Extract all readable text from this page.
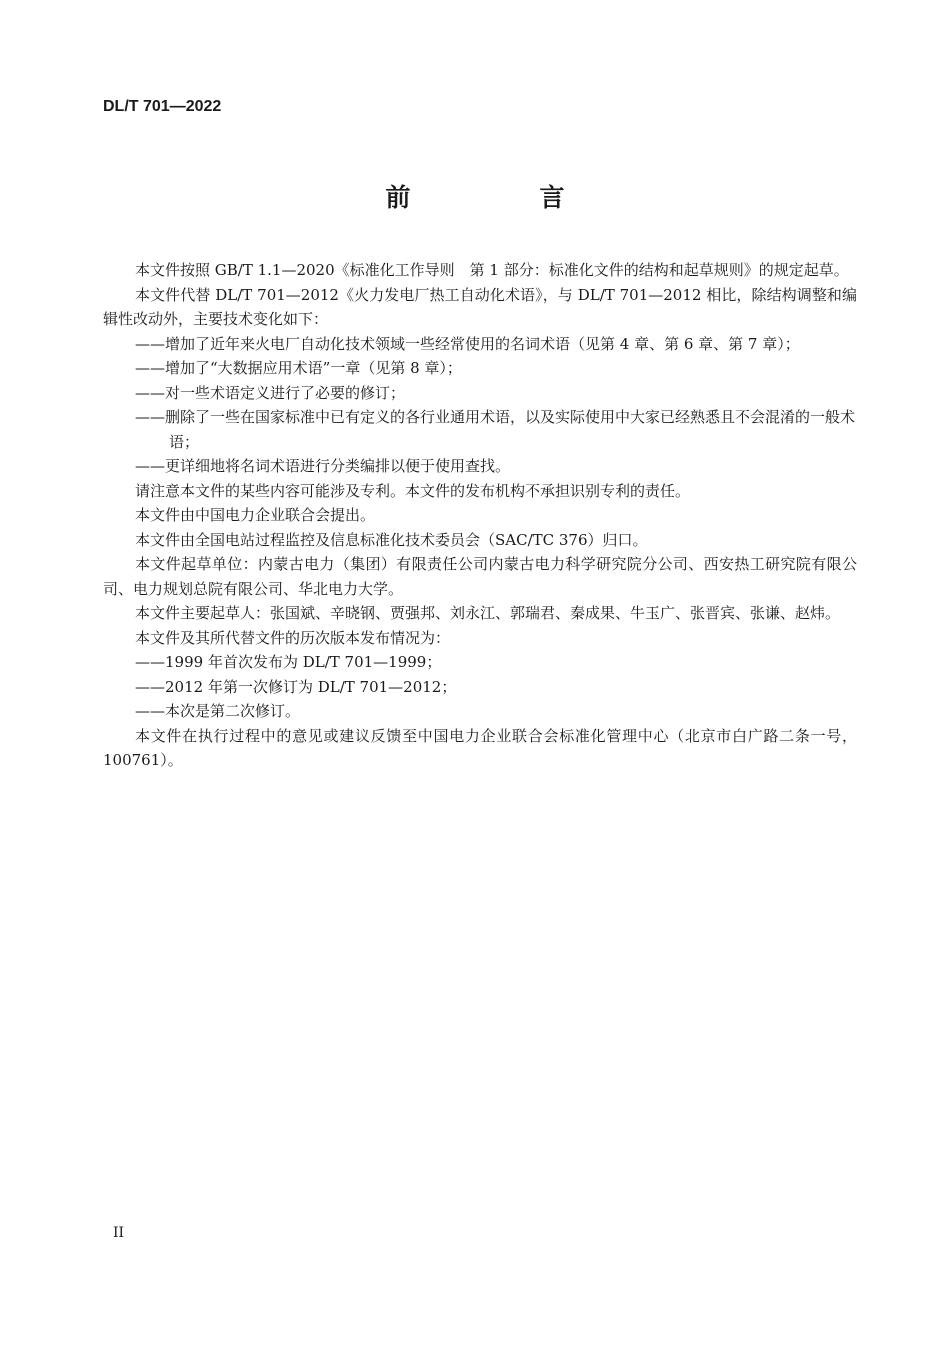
DL/T 701—2022
前　言

本文件按照 GB/T 1.1—2020《标准化工作导则　第 1 部分：标准化文件的结构和起草规则》的规定起草。

本文件代替 DL/T 701—2012《火力发电厂热工自动化术语》，与 DL/T 701—2012 相比，除结构调整和编辑性改动外，主要技术变化如下：

——增加了近年来火电厂自动化技术领域一些经常使用的名词术语（见第 4 章、第 6 章、第 7 章）；

——增加了“大数据应用术语”一章（见第 8 章）；

——对一些术语定义进行了必要的修订；

——删除了一些在国家标准中已有定义的各行业通用术语，以及实际使用中大家已经熟悉且不会混淆的一般术语；

——更详细地将名词术语进行分类编排以便于使用查找。

请注意本文件的某些内容可能涉及专利。本文件的发布机构不承担识别专利的责任。

本文件由中国电力企业联合会提出。

本文件由全国电站过程监控及信息标准化技术委员会（SAC/TC 376）归口。

本文件起草单位：内蒙古电力（集团）有限责任公司内蒙古电力科学研究院分公司、西安热工研究院有限公司、电力规划总院有限公司、华北电力大学。

本文件主要起草人：张国斌、辛晓钢、贾强邦、刘永江、郭瑞君、秦成果、牛玉广、张晋宾、张谦、赵炜。

本文件及其所代替文件的历次版本发布情况为：

——1999 年首次发布为 DL/T 701—1999；

——2012 年第一次修订为 DL/T 701—2012；

——本次是第二次修订。

本文件在执行过程中的意见或建议反馈至中国电力企业联合会标准化管理中心（北京市白广路二条一号，100761）。

II
